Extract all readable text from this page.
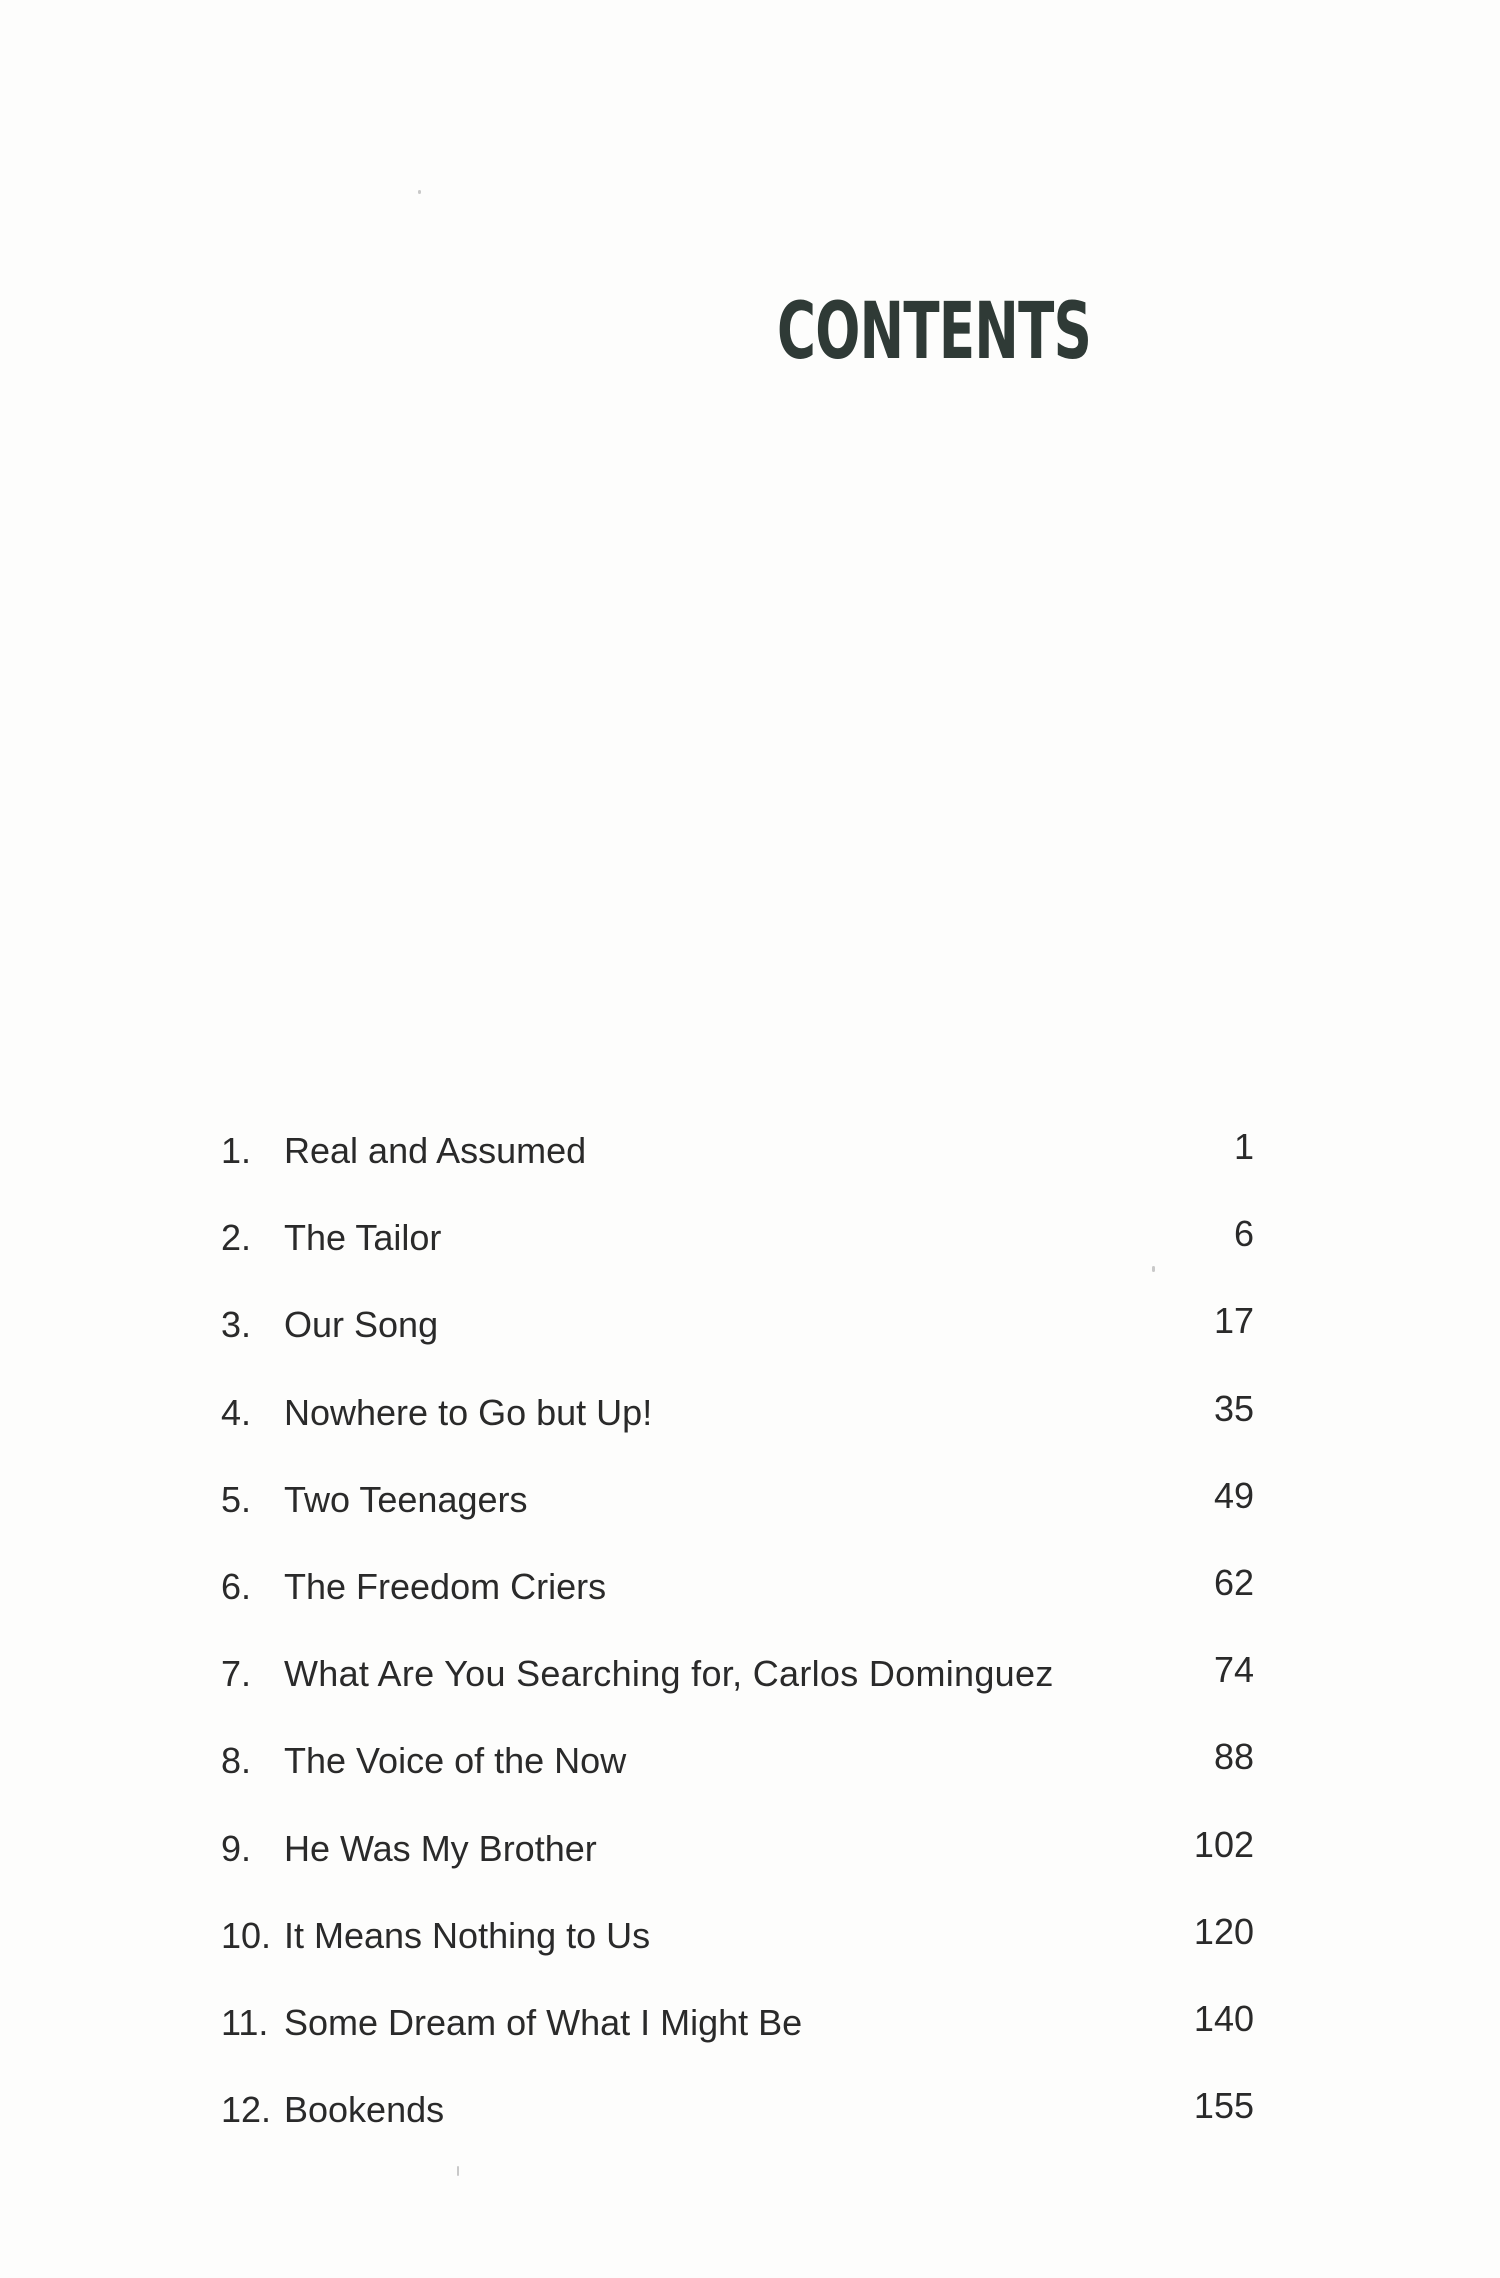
CONTENTS
1. Real and Assumed	1
2. The Tailor	6
3. Our Song	17
4. Nowhere to Go but Up!	35
5. Two Teenagers	49
6. The Freedom Criers	62
7. What Are You Searching for, Carlos Dominguez	74
8. The Voice of the Now	88
9. He Was My Brother	102
10. It Means Nothing to Us	120
11. Some Dream of What I Might Be	140
12. Bookends	155
